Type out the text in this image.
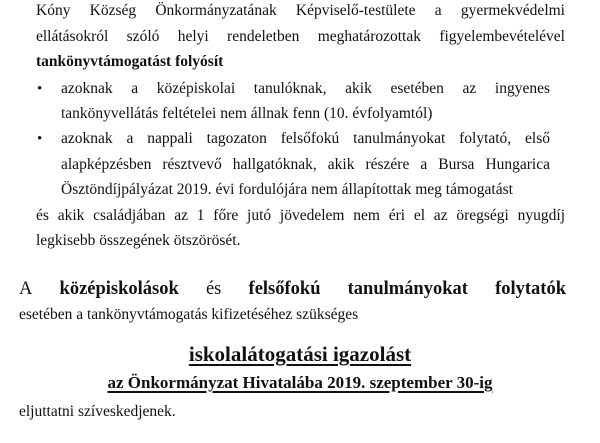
Kóny Község Önkormányzatának Képviselő-testülete a gyermekvédelmi
ellátásokról szóló helyi rendeletben meghatározottak figyelembevételével
tankönyvtámogatást folyósít
• azoknak a középiskolai tanulóknak, akik esetében az ingyenes
tankönyvellátás feltételei nem állnak fenn (10. évfolyamtól)
• azoknak a nappali tagozaton felsőfokú tanulmányokat folytató, első
alapképzésben résztvevő hallgatóknak, akik részére a Bursa Hungarica
Ösztöndíjpályázat 2019. évi fordulójára nem állapítottak meg támogatást
és akik családjában az 1 főre jutó jövedelem nem éri el az öregségi nyugdíj
legkisebb összegének ötszörösét.
A középiskolások és felsőfokú tanulmányokat folytatók
esetében a tankönyvtámogatás kifizetéséhez szükséges
iskolalátogatási igazolást
az Önkormányzat Hivatalába 2019. szeptember 30-ig
eljuttatni szíveskedjenek.
